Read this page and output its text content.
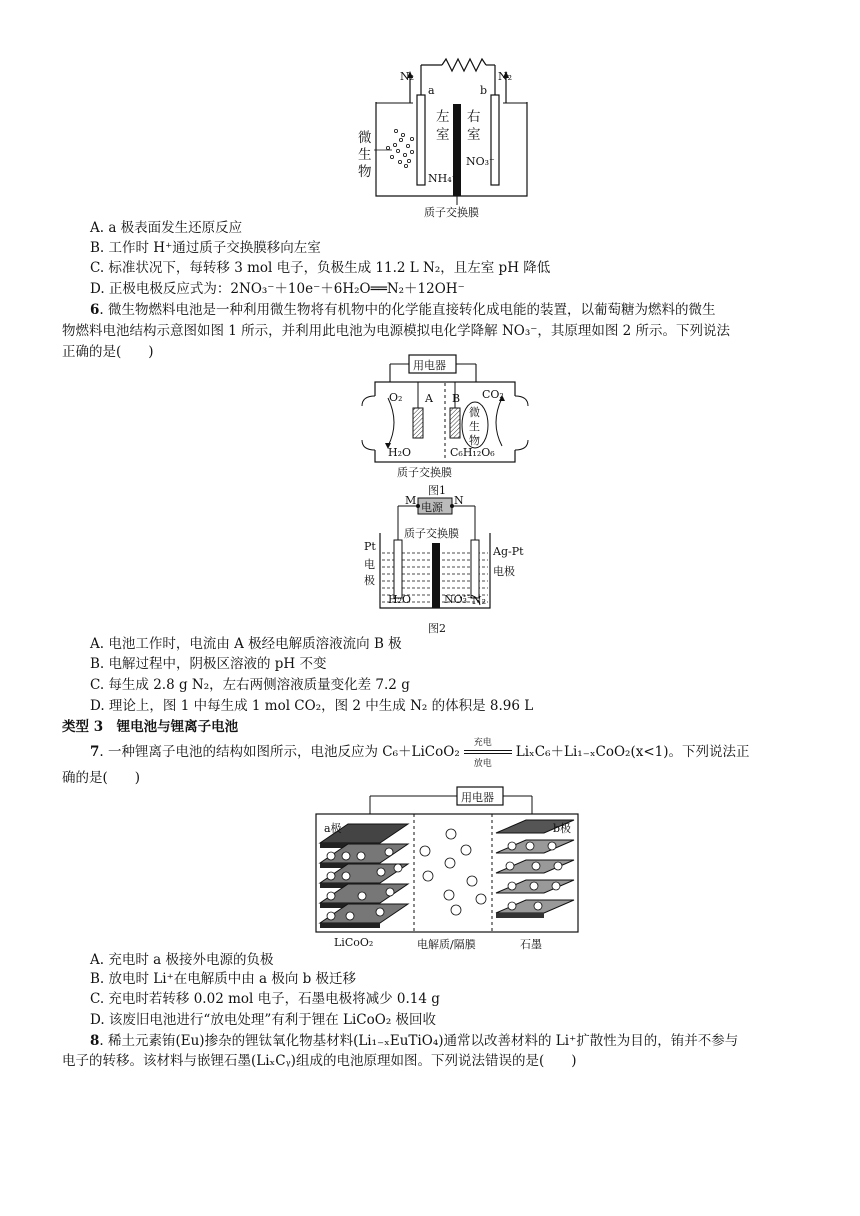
N₂	N₂
a	b
左
室
右
室
微
生
物	NH₄⁺
NO₃⁻
质子交换膜
A. a 极表面发生还原反应
B. 工作时 H⁺通过质子交换膜移向左室
C. 标准状况下，每转移 3 mol 电子，负极生成 11.2 L N₂，且左室 pH 降低
D. 正极电极反应式为：2NO₃⁻＋10e⁻＋6H₂O══N₂＋12OH⁻
6. 微生物燃料电池是一种利用微生物将有机物中的化学能直接转化成电能的装置，以葡萄糖为燃料的微生
物燃料电池结构示意图如图 1 所示，并利用此电池为电源模拟电化学降解 NO₃⁻，其原理如图 2 所示。下列说法
正确的是(　　)
用电器
O₂ A B CO₂
微
生
物
H₂O	C₆H₁₂O₆
质子交换膜
图1
M	N
电源
质子交换膜
Pt
电
极
Ag-Pt
电极
H₂O	NO₃⁻ N₂
图2
A. 电池工作时，电流由 A 极经电解质溶液流向 B 极
B. 电解过程中，阴极区溶液的 pH 不变
C. 每生成 2.8 g N₂，左右两侧溶液质量变化差 7.2 g
D. 理论上，图 1 中每生成 1 mol CO₂，图 2 中生成 N₂ 的体积是 8.96 L
类型 3　锂电池与锂离子电池
7. 一种锂离子电池的结构如图所示，电池反应为 C₆＋LiCoO₂
充电
放电
LiₓC₆＋Li₁₋ₓCoO₂(x<1)。下列说法正
确的是(　　)
用电器
a极	b极
LiCoO₂	电解质/隔膜	石墨
A. 充电时 a 极接外电源的负极
B. 放电时 Li⁺在电解质中由 a 极向 b 极迁移
C. 充电时若转移 0.02 mol 电子，石墨电极将减少 0.14 g
D. 该废旧电池进行“放电处理”有利于锂在 LiCoO₂ 极回收
8. 稀土元素铕(Eu)掺杂的锂钛氧化物基材料(Li₁₋ₓEuTiO₄)通常以改善材料的 Li⁺扩散性为目的，铕并不参与
电子的转移。该材料与嵌锂石墨(LiₓCᵧ)组成的电池原理如图。下列说法错误的是(　　)
